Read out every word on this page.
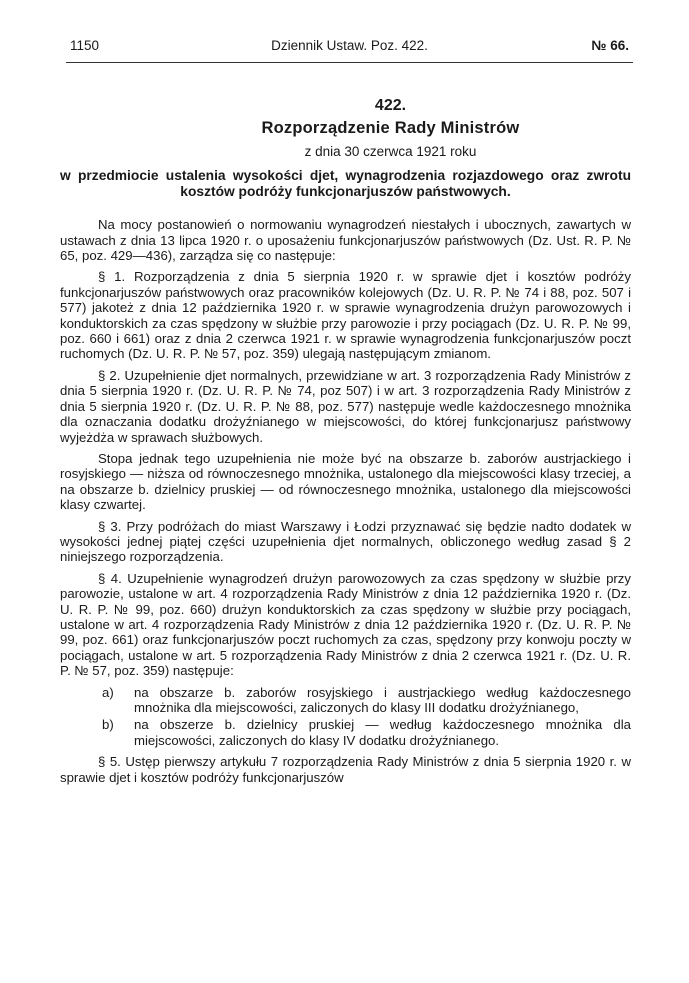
1150	Dziennik Ustaw. Poz. 422.	№ 66.
422.
Rozporządzenie Rady Ministrów
z dnia 30 czerwca 1921 roku
w przedmiocie ustalenia wysokości djet, wynagrodzenia rozjazdowego oraz zwrotu kosztów podróży funkcjonarjuszów państwowych.

Na mocy postanowień o normowaniu wynagrodzeń niestałych i ubocznych, zawartych w ustawach z dnia 13 lipca 1920 r. o uposażeniu funkcjonarjuszów państwowych (Dz. Ust. R. P. № 65, poz. 429—436), zarządza się co następuje:

§ 1. Rozporządzenia z dnia 5 sierpnia 1920 r. w sprawie djet i kosztów podróży funkcjonarjuszów państwowych oraz pracowników kolejowych (Dz. U. R. P. № 74 i 88, poz. 507 i 577) jakoteż z dnia 12 października 1920 r. w sprawie wynagrodzenia drużyn parowozowych i konduktorskich za czas spędzony w służbie przy parowozie i przy pociągach (Dz. U. R. P. № 99, poz. 660 i 661) oraz z dnia 2 czerwca 1921 r. w sprawie wynagrodzenia funkcjonarjuszów poczt ruchomych (Dz. U. R. P. № 57, poz. 359) ulegają następującym zmianom.

§ 2. Uzupełnienie djet normalnych, przewidziane w art. 3 rozporządzenia Rady Ministrów z dnia 5 sierpnia 1920 r. (Dz. U. R. P. № 74, poz 507) i w art. 3 rozporządzenia Rady Ministrów z dnia 5 sierpnia 1920 r. (Dz. U. R. P. № 88, poz. 577) następuje wedle każdoczesnego mnożnika dla oznaczania dodatku drożyźnianego w miejscowości, do której funkcjonarjusz państwowy wyjeżdża w sprawach służbowych.

Stopa jednak tego uzupełnienia nie może być na obszarze b. zaborów austrjackiego i rosyjskiego — niższa od równoczesnego mnożnika, ustalonego dla miejscowości klasy trzeciej, a na obszarze b. dzielnicy pruskiej — od równoczesnego mnożnika, ustalonego dla miejscowości klasy czwartej.

§ 3. Przy podróżach do miast Warszawy i Łodzi przyznawać się będzie nadto dodatek w wysokości jednej piątej części uzupełnienia djet normalnych, obliczonego według zasad § 2 niniejszego rozporządzenia.

§ 4. Uzupełnienie wynagrodzeń drużyn parowozowych za czas spędzony w służbie przy parowozie, ustalone w art. 4 rozporządzenia Rady Ministrów z dnia 12 października 1920 r. (Dz. U. R. P. № 99, poz. 660) drużyn konduktorskich za czas spędzony w służbie przy pociągach, ustalone w art. 4 rozporządzenia Rady Ministrów z dnia 12 października 1920 r. (Dz. U. R. P. № 99, poz. 661) oraz funkcjonarjuszów poczt ruchomych za czas, spędzony przy konwoju poczty w pociągach, ustalone w art. 5 rozporządzenia Rady Ministrów z dnia 2 czerwca 1921 r. (Dz. U. R. P. № 57, poz. 359) następuje:

a) na obszarze b. zaborów rosyjskiego i austrjackiego według każdoczesnego mnożnika dla miejscowości, zaliczonych do klasy III dodatku drożyźnianego,
b) na obszerze b. dzielnicy pruskiej — według każdoczesnego mnożnika dla miejscowości, zaliczonych do klasy IV dodatku drożyźnianego.

§ 5. Ustęp pierwszy artykułu 7 rozporządzenia Rady Ministrów z dnia 5 sierpnia 1920 r. w sprawie djet i kosztów podróży funkcjonarjuszów
